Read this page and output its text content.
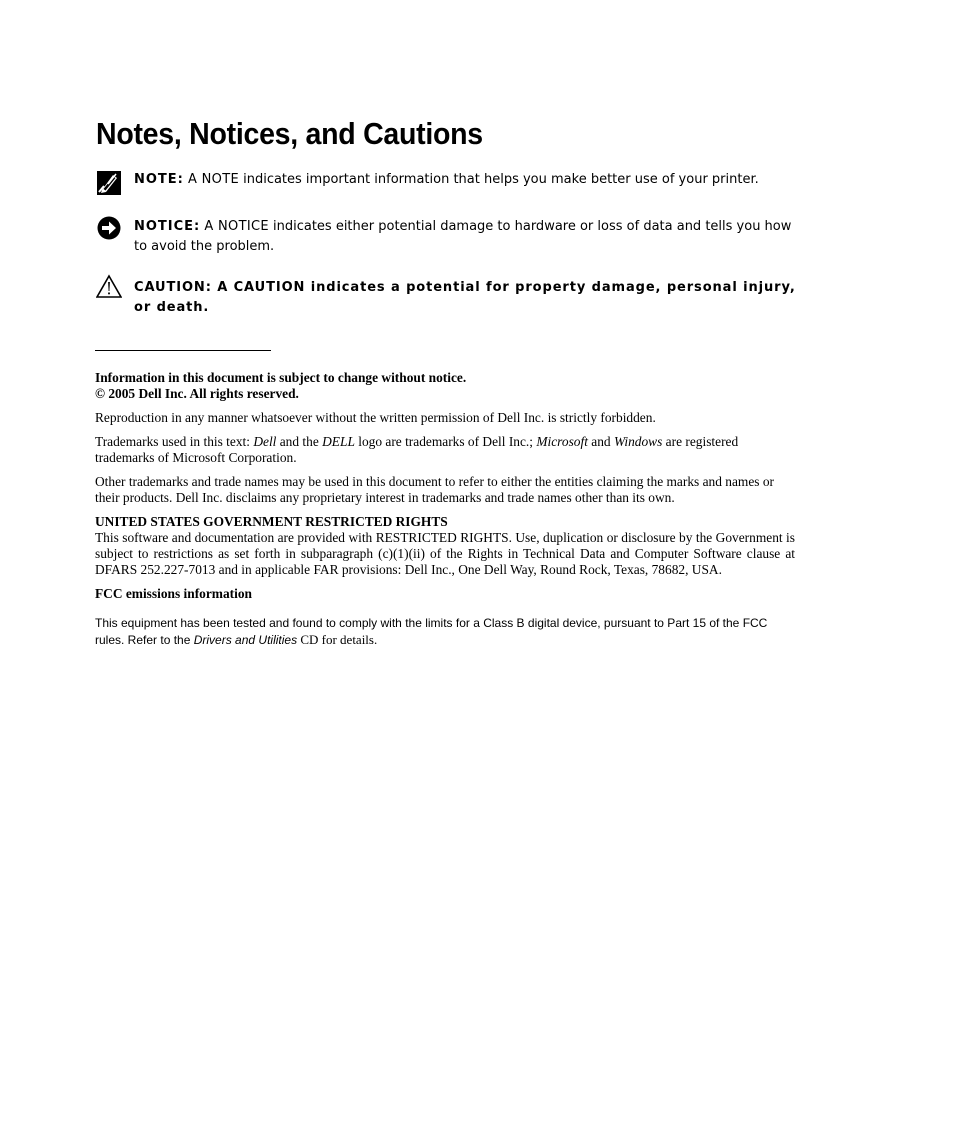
Notes, Notices, and Cautions
NOTE: A NOTE indicates important information that helps you make better use of your printer.
NOTICE: A NOTICE indicates either potential damage to hardware or loss of data and tells you how to avoid the problem.
CAUTION: A CAUTION indicates a potential for property damage, personal injury, or death.

Information in this document is subject to change without notice.
© 2005 Dell Inc. All rights reserved.

Reproduction in any manner whatsoever without the written permission of Dell Inc. is strictly forbidden.

Trademarks used in this text: Dell and the DELL logo are trademarks of Dell Inc.; Microsoft and Windows are registered trademarks of Microsoft Corporation.

Other trademarks and trade names may be used in this document to refer to either the entities claiming the marks and names or their products. Dell Inc. disclaims any proprietary interest in trademarks and trade names other than its own.

UNITED STATES GOVERNMENT RESTRICTED RIGHTS
This software and documentation are provided with RESTRICTED RIGHTS. Use, duplication or disclosure by the Government is subject to restrictions as set forth in subparagraph (c)(1)(ii) of the Rights in Technical Data and Computer Software clause at DFARS 252.227-7013 and in applicable FAR provisions: Dell Inc., One Dell Way, Round Rock, Texas, 78682, USA.

FCC emissions information

This equipment has been tested and found to comply with the limits for a Class B digital device, pursuant to Part 15 of the FCC rules. Refer to the Drivers and Utilities CD for details.
